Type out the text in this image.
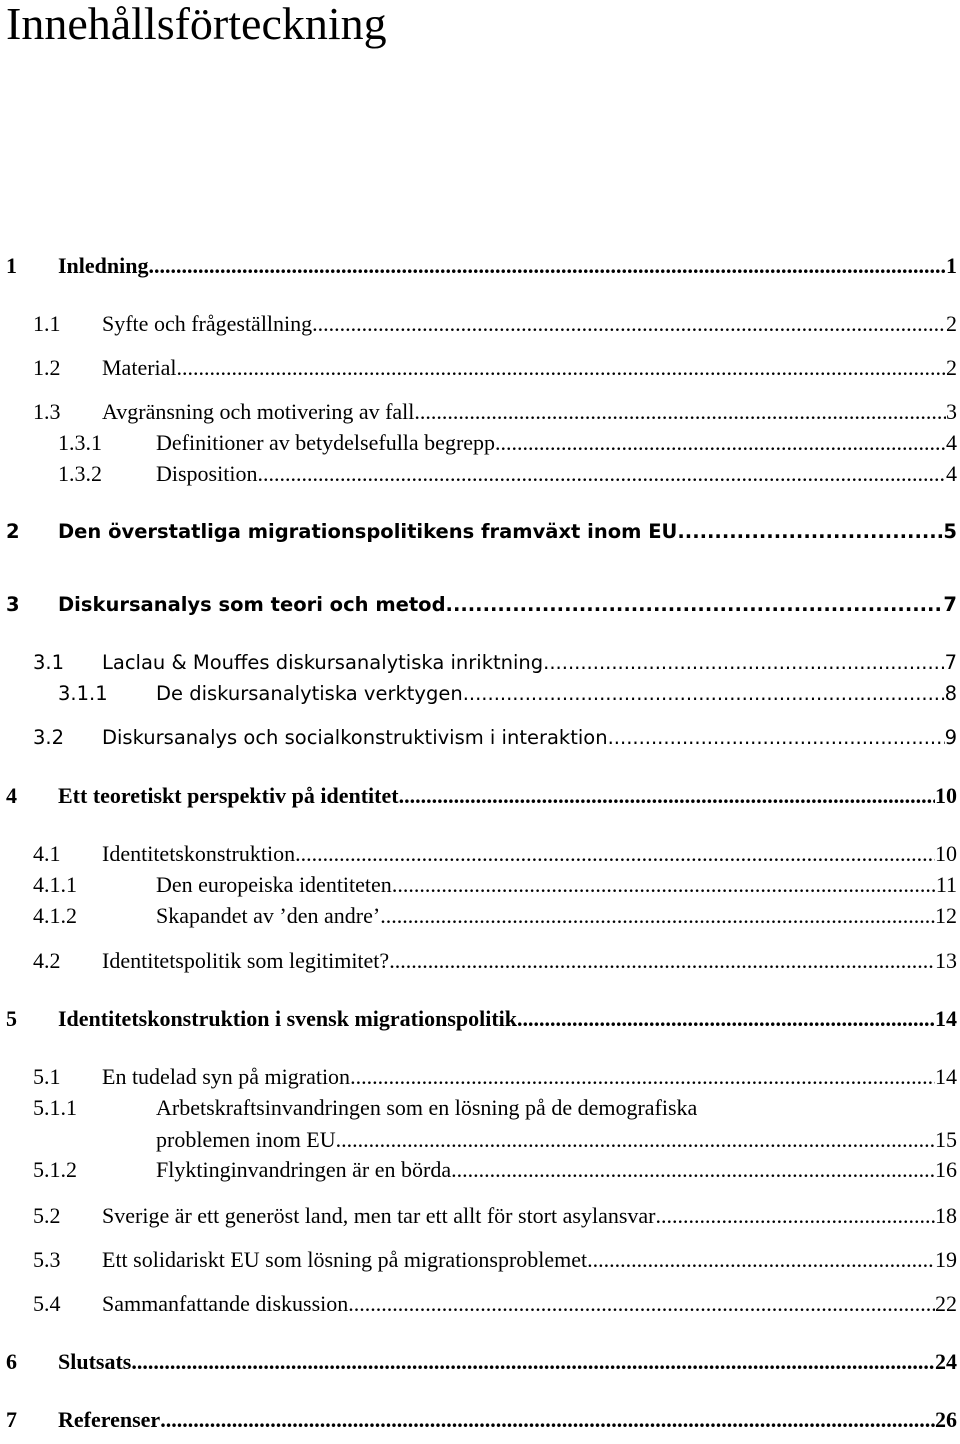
Innehållsförteckning
1 Inledning .....	1
1.1 Syfte och frågeställning .....	2
1.2 Material .....	2
1.3 Avgränsning och motivering av fall .....	3
1.3.1 Definitioner av betydelsefulla begrepp .....	4
1.3.2 Disposition .....	4
2 Den överstatliga migrationspolitikens framväxt inom EU .....	5
3 Diskursanalys som teori och metod .....	7
3.1 Laclau & Mouffes diskursanalytiska inriktning .....	7
3.1.1 De diskursanalytiska verktygen .....	8
3.2 Diskursanalys och socialkonstruktivism i interaktion .....	9
4 Ett teoretiskt perspektiv på identitet .....	10
4.1 Identitetskonstruktion .....	10
4.1.1	Den europeiska identiteten .....	11
4.1.2	Skapandet av ’den andre’ .....	12
4.2 Identitetspolitik som legitimitet? .....	13
5 Identitetskonstruktion i svensk migrationspolitik .....	14
5.1 En tudelad syn på migration .....	14
5.1.1	Arbetskraftsinvandringen som en lösning på de demografiska
problemen inom EU .....	15
5.1.2	Flyktinginvandringen är en börda .....	16
5.2 Sverige är ett generöst land, men tar ett allt för stort asylansvar .....	18
5.3 Ett solidariskt EU som lösning på migrationsproblemet .....	19
5.4 Sammanfattande diskussion .....	22
6 Slutsats .....	24
7 Referenser .....	26
